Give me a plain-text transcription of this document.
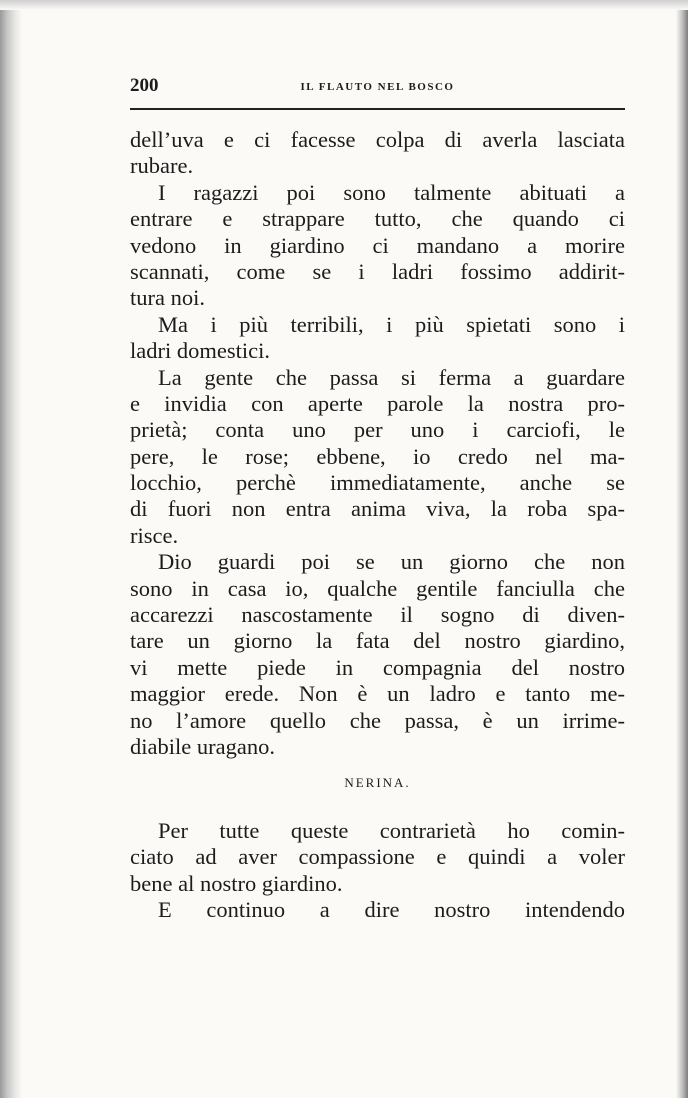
200	IL FLAUTO NEL BOSCO
dell’uva e ci facesse colpa di averla lasciata
rubare.
I ragazzi poi sono talmente abituati a
entrare e strappare tutto, che quando ci
vedono in giardino ci mandano a morire
scannati, come se i ladri fossimo addirit-
tura noi.
Ma i più terribili, i più spietati sono i
ladri domestici.
La gente che passa si ferma a guardare
e invidia con aperte parole la nostra pro-
prietà; conta uno per uno i carciofi, le
pere, le rose; ebbene, io credo nel ma-
locchio, perchè immediatamente, anche se
di fuori non entra anima viva, la roba spa-
risce.
Dio guardi poi se un giorno che non
sono in casa io, qualche gentile fanciulla che
accarezzi nascostamente il sogno di diven-
tare un giorno la fata del nostro giardino,
vi mette piede in compagnia del nostro
maggior erede. Non è un ladro e tanto me-
no l’amore quello che passa, è un irrime-
diabile uragano.
NERINA.
Per tutte queste contrarietà ho comin-
ciato ad aver compassione e quindi a voler
bene al nostro giardino.
E continuo a dire nostro intendendo
